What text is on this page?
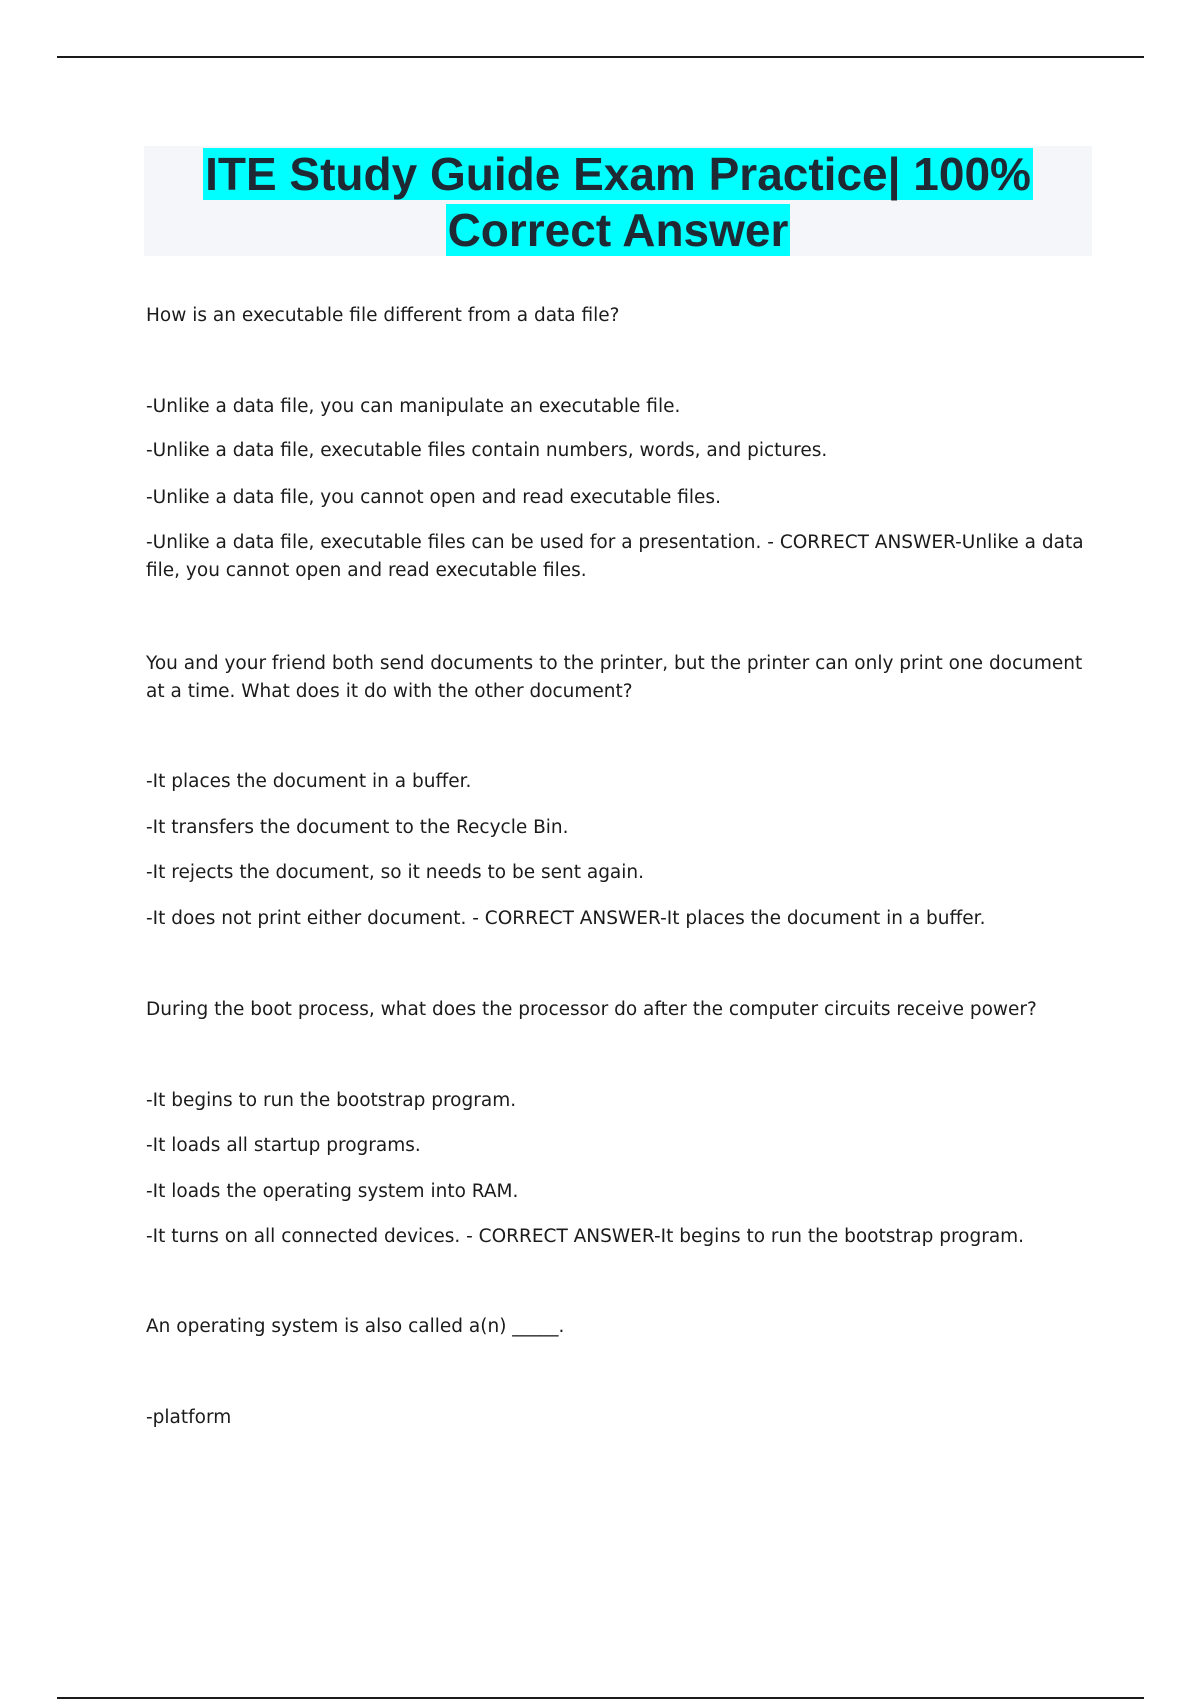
ITE Study Guide Exam Practice| 100%
Correct Answer
How is an executable file different from a data file?
-Unlike a data file, you can manipulate an executable file.
-Unlike a data file, executable files contain numbers, words, and pictures.
-Unlike a data file, you cannot open and read executable files.
-Unlike a data file, executable files can be used for a presentation. - CORRECT ANSWER-Unlike a data file, you cannot open and read executable files.
You and your friend both send documents to the printer, but the printer can only print one document at a time. What does it do with the other document?
-It places the document in a buffer.
-It transfers the document to the Recycle Bin.
-It rejects the document, so it needs to be sent again.
-It does not print either document. - CORRECT ANSWER-It places the document in a buffer.
During the boot process, what does the processor do after the computer circuits receive power?
-It begins to run the bootstrap program.
-It loads all startup programs.
-It loads the operating system into RAM.
-It turns on all connected devices. - CORRECT ANSWER-It begins to run the bootstrap program.
An operating system is also called a(n) _____.
-platform
